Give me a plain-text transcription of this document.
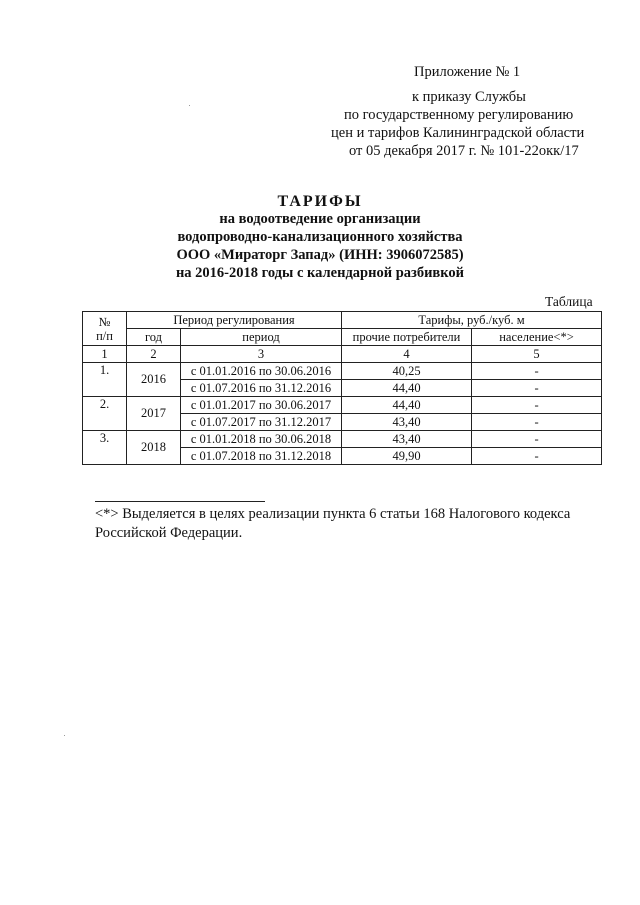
Приложение № 1
к приказу Службы
по государственному регулированию
цен и тарифов Калининградской области
от 05 декабря 2017 г. № 101-22окк/17
ТАРИФЫ
на водоотведение организации
водопроводно-канализационного хозяйства
ООО «Мираторг Запад» (ИНН: 3906072585)
на 2016-2018 годы с календарной разбивкой
Таблица
№
п/п	Период регулирования		Тарифы, руб./куб. м	
	год	период	прочие потребители	население<*>
1	2	3	4	5
1.	2016	с 01.01.2016 по 30.06.2016	40,25	-
		с 01.07.2016 по 31.12.2016	44,40	-
2.	2017	с 01.01.2017 по 30.06.2017	44,40	-
		с 01.07.2017 по 31.12.2017	43,40	-
3.	2018	с 01.01.2018 по 30.06.2018	43,40	-
		с 01.07.2018 по 31.12.2018	49,90	-
<*> Выделяется в целях реализации пункта 6 статьи 168 Налогового кодекса Российской Федерации.
